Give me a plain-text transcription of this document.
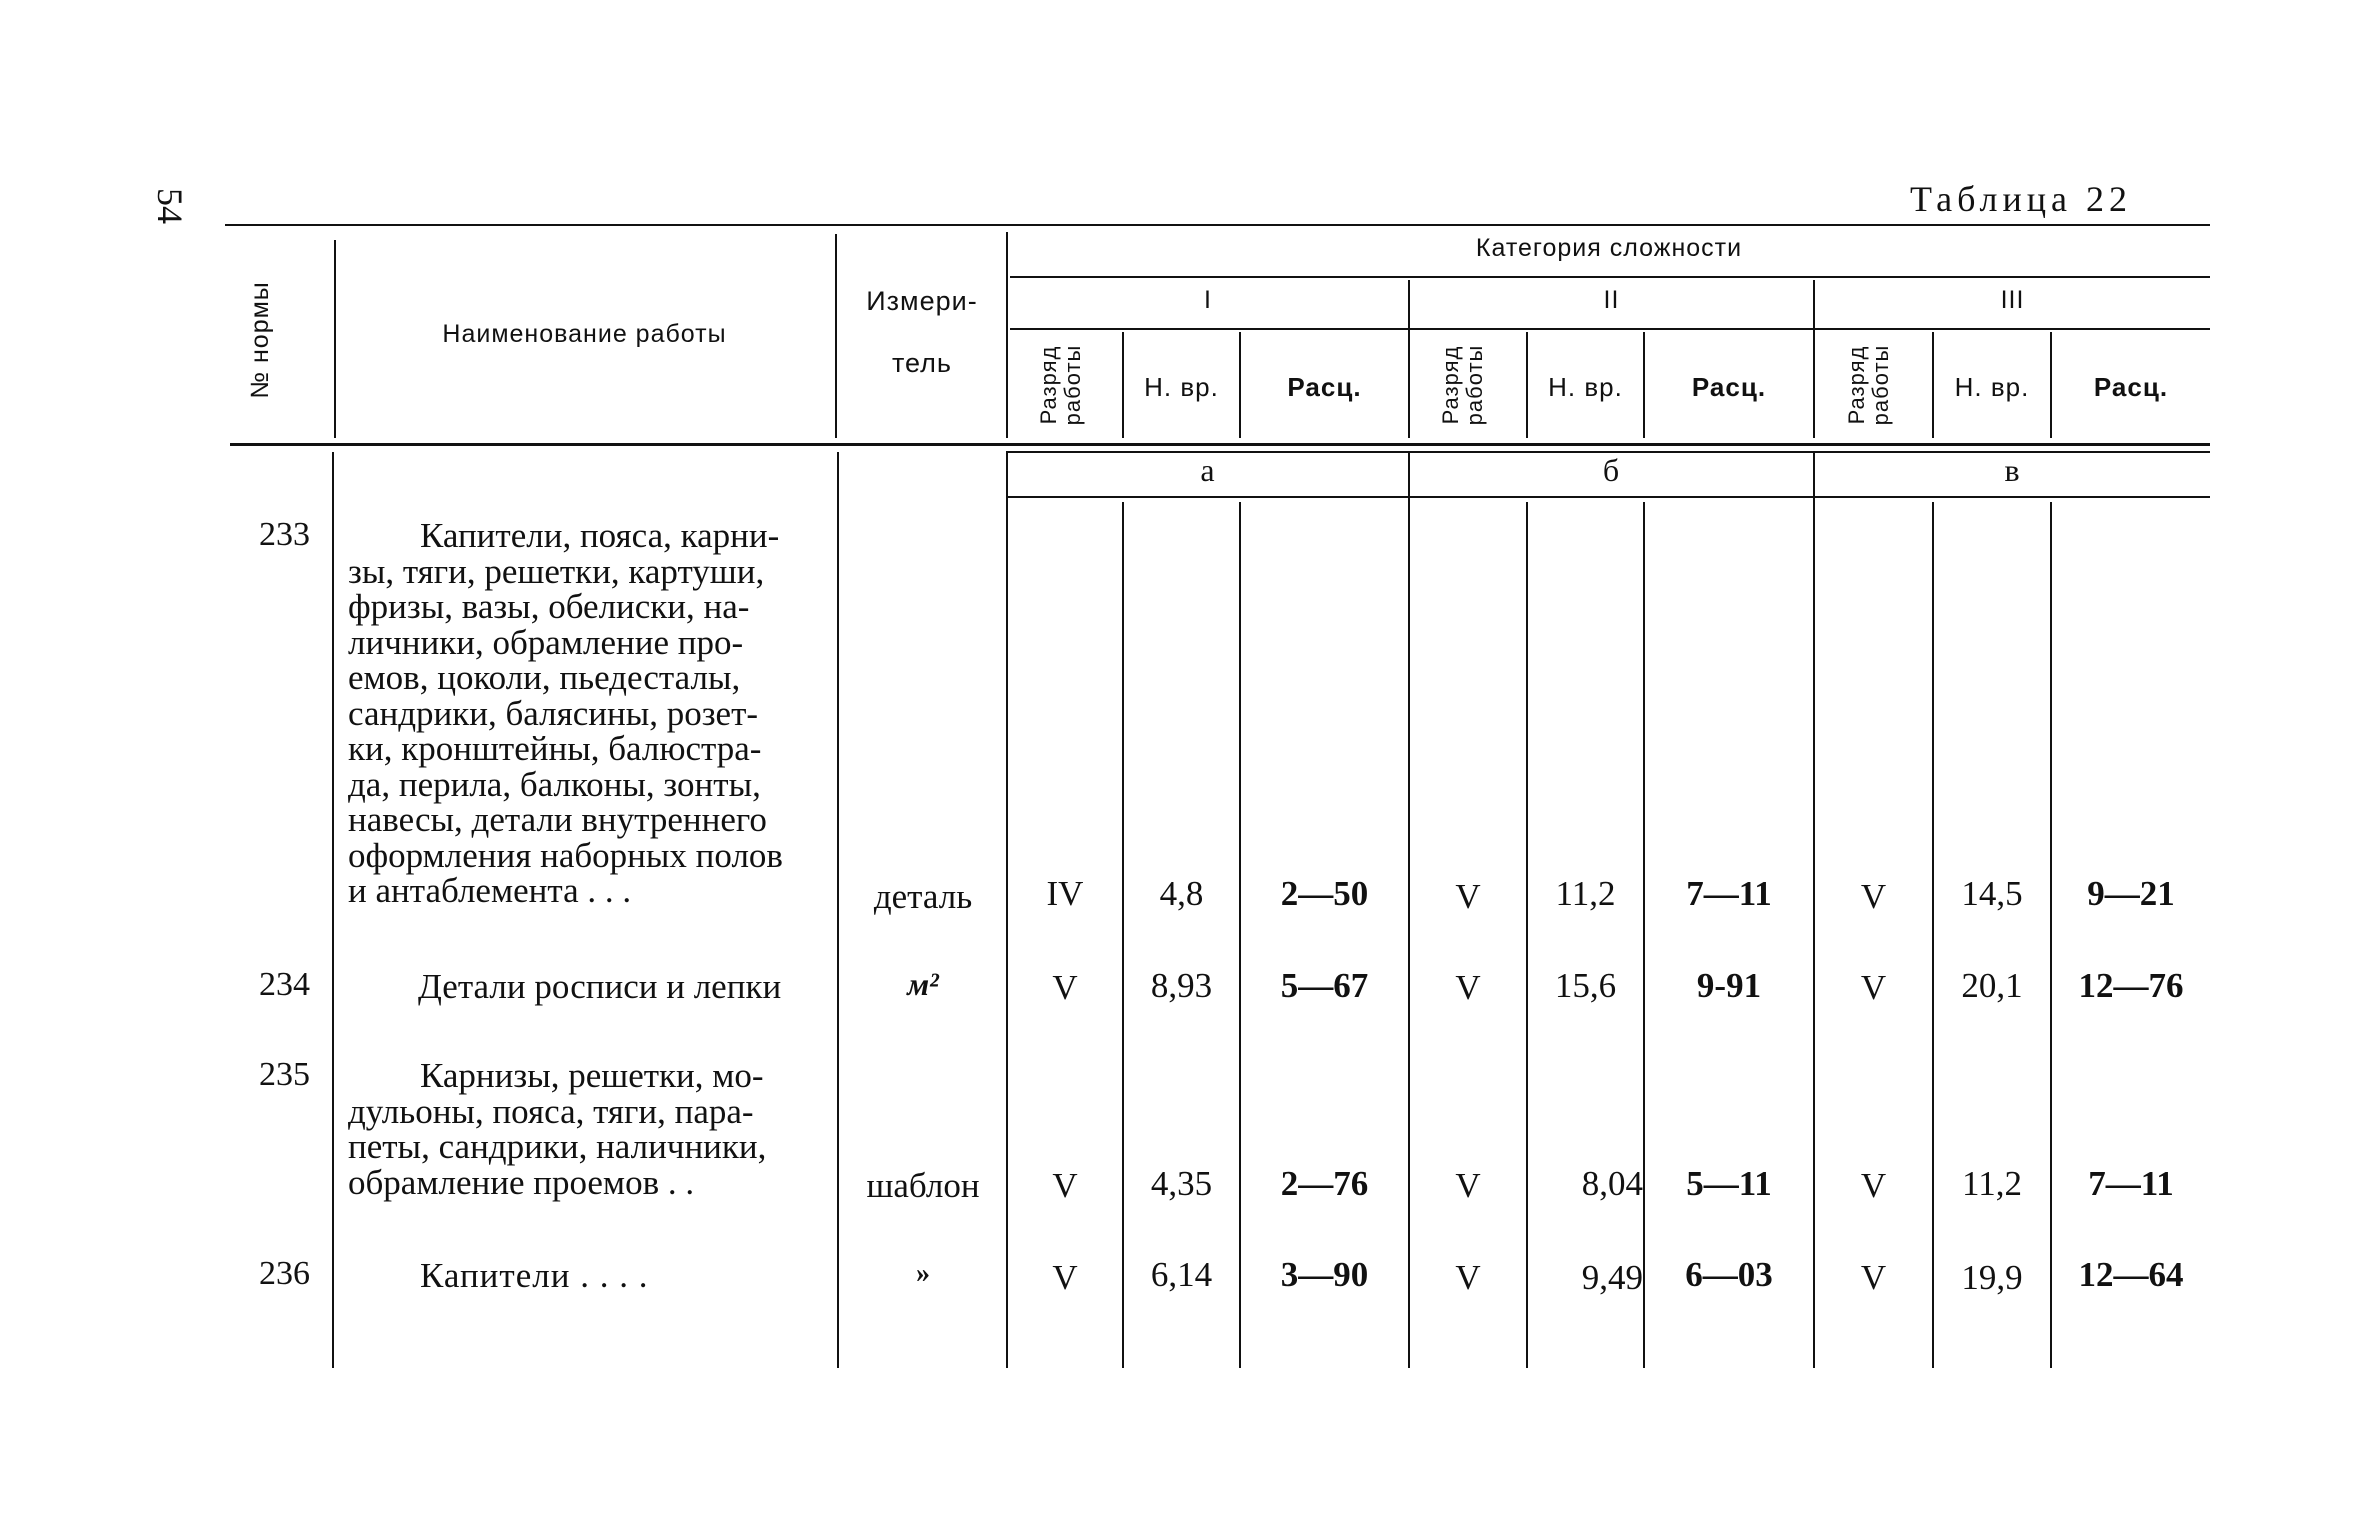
54	Таблица 22
№ нормы	Наименование работы
Измери-
тель
Категория сложности
I	II	III
Разряд работы	Н. вр.	Расц.	Разряд работы	Н. вр.	Расц.	Разряд работы	Н. вр.	Расц.
а	б	в
233	Капители, пояса, карни-
зы, тяги, решетки, картуши,
фризы, вазы, обелиски, на-
личники, обрамление про-
емов, цоколи, пьедесталы,
сандрики, балясины, розет-
ки, кронштейны, балюстра-
да, перила, балконы, зонты,
навесы, детали внутреннего
оформления наборных полов
и антаблемента . . .	деталь	IV	4,8	2—50	V	11,2	7—11	V	14,5	9—21
234	Детали росписи и лепки	м²	V	8,93	5—67	V	15,6	9-91	V	20,1	12—76
235	Карнизы, решетки, мо-
дульоны, пояса, тяги, пара-
петы, сандрики, наличники,
обрамление проемов . .	шаблон	V	4,35	2—76	V	8,04	5—11	V	11,2	7—11
236	Капители . . . .	»	V	6,14	3—90	V	9,49	6—03	V	19,9	12—64
